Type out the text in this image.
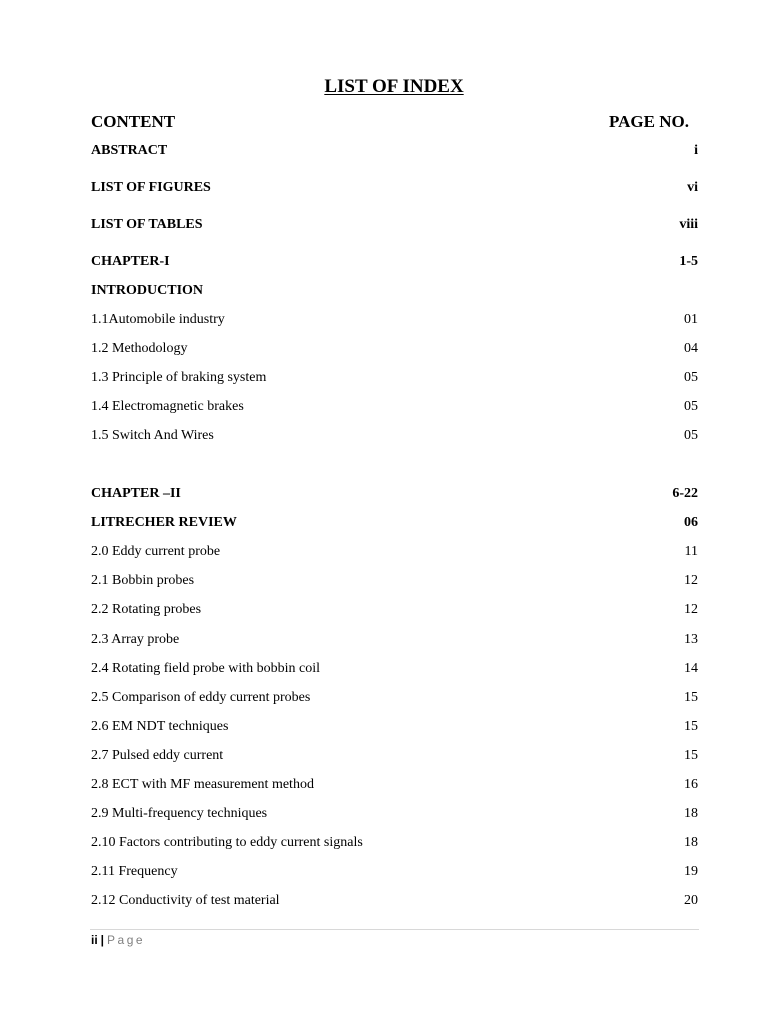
LIST OF INDEX
CONTENT	PAGE NO.
ABSTRACT	i
LIST OF FIGURES	vi
LIST OF TABLES	viii
CHAPTER-I	1-5
INTRODUCTION
1.1Automobile industry	01
1.2 Methodology	04
1.3 Principle of braking system	05
1.4 Electromagnetic brakes	05
1.5 Switch And Wires	05
CHAPTER –II	6-22
LITRECHER REVIEW	06
2.0 Eddy current probe	11
2.1 Bobbin probes	12
2.2 Rotating probes	12
2.3 Array probe	13
2.4 Rotating field probe with bobbin coil	14
2.5 Comparison of eddy current probes	15
2.6 EM NDT techniques	15
2.7 Pulsed eddy current	15
2.8 ECT with MF measurement method	16
2.9 Multi-frequency techniques	18
2.10 Factors contributing to eddy current signals	18
2.11 Frequency	19
2.12 Conductivity of test material	20
ii | Page
